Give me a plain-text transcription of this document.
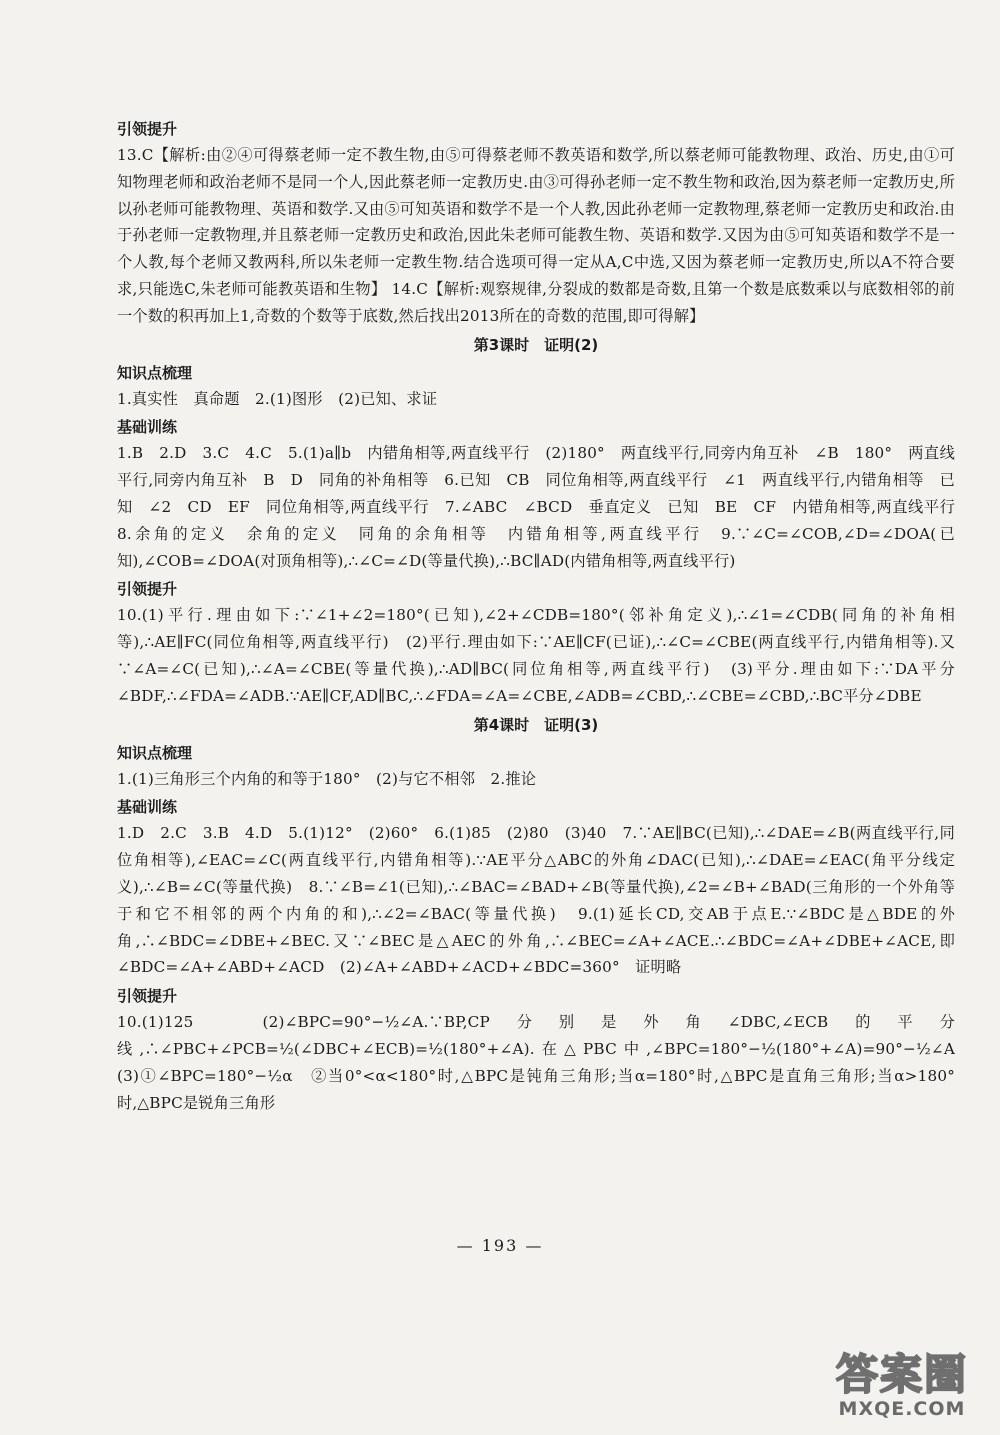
引领提升

13.C【解析:由②④可得蔡老师一定不教生物,由⑤可得蔡老师不教英语和数学,所以蔡老师可能教物理、政治、历史,由①可知物理老师和政治老师不是同一个人,因此蔡老师一定教历史.由③可得孙老师一定不教生物和政治,因为蔡老师一定教历史,所以孙老师可能教物理、英语和数学.又由⑤可知英语和数学不是一个人教,因此孙老师一定教物理,蔡老师一定教历史和政治.由于孙老师一定教物理,并且蔡老师一定教历史和政治,因此朱老师可能教生物、英语和数学.又因为由⑤可知英语和数学不是一个人教,每个老师又教两科,所以朱老师一定教生物.结合选项可得一定从A,C中选,又因为蔡老师一定教历史,所以A不符合要求,只能选C,朱老师可能教英语和生物】 14.C【解析:观察规律,分裂成的数都是奇数,且第一个数是底数乘以与底数相邻的前一个数的积再加上1,奇数的个数等于底数,然后找出2013所在的奇数的范围,即可得解】

第3课时　证明(2)
知识点梳理

1.真实性　真命题　2.(1)图形　(2)已知、求证

基础训练

1.B　2.D　3.C　4.C　5.(1)a∥b　内错角相等,两直线平行　(2)180°　两直线平行,同旁内角互补　∠B　180°　两直线平行,同旁内角互补　B　D　同角的补角相等　6.已知　CB　同位角相等,两直线平行　∠1　两直线平行,内错角相等　已知　∠2　CD　EF　同位角相等,两直线平行　7.∠ABC　∠BCD　垂直定义　已知　BE　CF　内错角相等,两直线平行　8.余角的定义　余角的定义　同角的余角相等　内错角相等,两直线平行　9.∵∠C=∠COB,∠D=∠DOA(已知),∠COB=∠DOA(对顶角相等),∴∠C=∠D(等量代换),∴BC∥AD(内错角相等,两直线平行)

引领提升

10.(1)平行.理由如下:∵∠1+∠2=180°(已知),∠2+∠CDB=180°(邻补角定义),∴∠1=∠CDB(同角的补角相等),∴AE∥FC(同位角相等,两直线平行)　(2)平行.理由如下:∵AE∥CF(已证),∴∠C=∠CBE(两直线平行,内错角相等).又∵∠A=∠C(已知),∴∠A=∠CBE(等量代换),∴AD∥BC(同位角相等,两直线平行)　(3)平分.理由如下:∵DA平分∠BDF,∴∠FDA=∠ADB.∵AE∥CF,AD∥BC,∴∠FDA=∠A=∠CBE,∠ADB=∠CBD,∴∠CBE=∠CBD,∴BC平分∠DBE

第4课时　证明(3)
知识点梳理

1.(1)三角形三个内角的和等于180°　(2)与它不相邻　2.推论

基础训练

1.D　2.C　3.B　4.D　5.(1)12°　(2)60°　6.(1)85　(2)80　(3)40　7.∵AE∥BC(已知),∴∠DAE=∠B(两直线平行,同位角相等),∠EAC=∠C(两直线平行,内错角相等).∵AE平分△ABC的外角∠DAC(已知),∴∠DAE=∠EAC(角平分线定义),∴∠B=∠C(等量代换)　8.∵∠B=∠1(已知),∴∠BAC=∠BAD+∠B(等量代换),∠2=∠B+∠BAD(三角形的一个外角等于和它不相邻的两个内角的和),∴∠2=∠BAC(等量代换)　9.(1)延长CD,交AB于点E.∵∠BDC是△BDE的外角,∴∠BDC=∠DBE+∠BEC.又∵∠BEC是△AEC的外角,∴∠BEC=∠A+∠ACE.∴∠BDC=∠A+∠DBE+∠ACE,即∠BDC=∠A+∠ABD+∠ACD　(2)∠A+∠ABD+∠ACD+∠BDC=360°　证明略

引领提升

10.(1)125　(2)∠BPC=90°−½∠A.∵BP,CP分别是外角∠DBC,∠ECB的平分线,∴∠PBC+∠PCB=½(∠DBC+∠ECB)=½(180°+∠A).在△PBC中,∠BPC=180°−½(180°+∠A)=90°−½∠A　(3)①∠BPC=180°−½α　②当0°<α<180°时,△BPC是钝角三角形;当α=180°时,△BPC是直角三角形;当α>180°时,△BPC是锐角三角形

— 193 —
答案圈
MXQE.COM
